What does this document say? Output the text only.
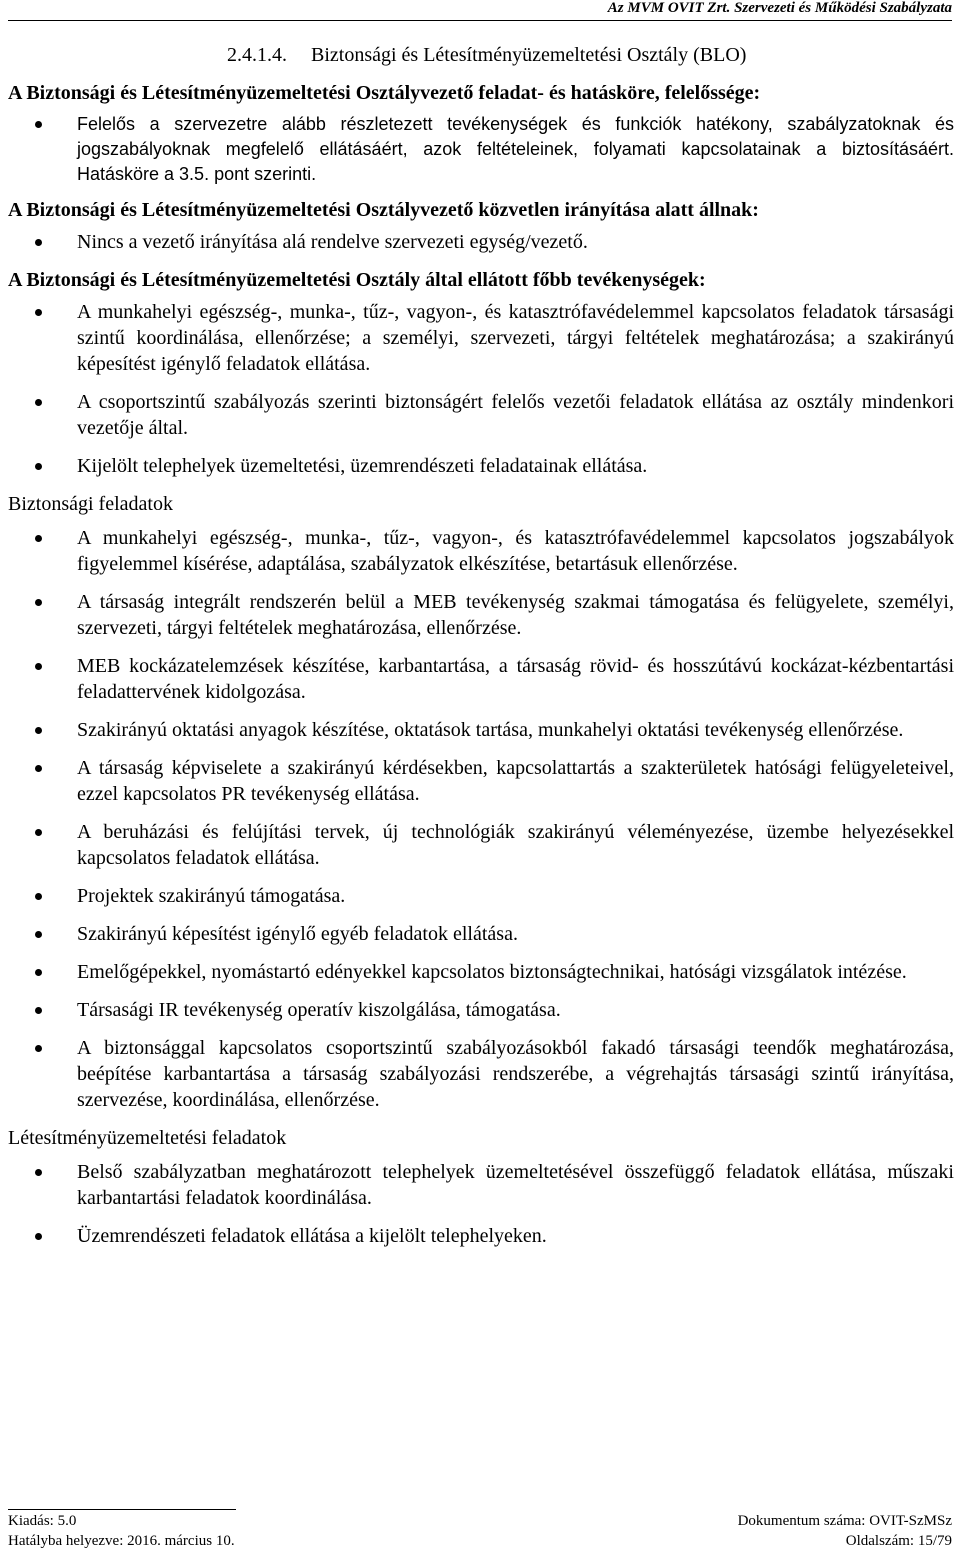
Az MVM OVIT Zrt. Szervezeti és Működési Szabályzata
2.4.1.4. Biztonsági és Létesítményüzemeltetési Osztály (BLO)
A Biztonsági és Létesítményüzemeltetési Osztályvezető feladat- és hatásköre, felelőssége:
Felelős a szervezetre alább részletezett tevékenységek és funkciók hatékony, szabályzatoknak és jogszabályoknak megfelelő ellátásáért, azok feltételeinek, folyamati kapcsolatainak a biztosításáért. Hatásköre a 3.5. pont szerinti.
A Biztonsági és Létesítményüzemeltetési Osztályvezető közvetlen irányítása alatt állnak:
Nincs a vezető irányítása alá rendelve szervezeti egység/vezető.
A Biztonsági és Létesítményüzemeltetési Osztály által ellátott főbb tevékenységek:
A munkahelyi egészség-, munka-, tűz-, vagyon-, és katasztrófavédelemmel kapcsolatos feladatok társasági szintű koordinálása, ellenőrzése; a személyi, szervezeti, tárgyi feltételek meghatározása; a szakirányú képesítést igénylő feladatok ellátása.
A csoportszintű szabályozás szerinti biztonságért felelős vezetői feladatok ellátása az osztály mindenkori vezetője által.
Kijelölt telephelyek üzemeltetési, üzemrendészeti feladatainak ellátása.
Biztonsági feladatok
A munkahelyi egészség-, munka-, tűz-, vagyon-, és katasztrófavédelemmel kapcsolatos jogszabályok figyelemmel kísérése, adaptálása, szabályzatok elkészítése, betartásuk ellenőrzése.
A társaság integrált rendszerén belül a MEB tevékenység szakmai támogatása és felügyelete, személyi, szervezeti, tárgyi feltételek meghatározása, ellenőrzése.
MEB kockázatelemzések készítése, karbantartása, a társaság rövid- és hosszútávú kockázat-kézbentartási feladattervének kidolgozása.
Szakirányú oktatási anyagok készítése, oktatások tartása, munkahelyi oktatási tevékenység ellenőrzése.
A társaság képviselete a szakirányú kérdésekben, kapcsolattartás a szakterületek hatósági felügyeleteivel, ezzel kapcsolatos PR tevékenység ellátása.
A beruházási és felújítási tervek, új technológiák szakirányú véleményezése, üzembe helyezésekkel kapcsolatos feladatok ellátása.
Projektek szakirányú támogatása.
Szakirányú képesítést igénylő egyéb feladatok ellátása.
Emelőgépekkel, nyomástartó edényekkel kapcsolatos biztonságtechnikai, hatósági vizsgálatok intézése.
Társasági IR tevékenység operatív kiszolgálása, támogatása.
A biztonsággal kapcsolatos csoportszintű szabályozásokból fakadó társasági teendők meghatározása, beépítése karbantartása a társaság szabályozási rendszerébe, a végrehajtás társasági szintű irányítása, szervezése, koordinálása, ellenőrzése.
Létesítményüzemeltetési feladatok
Belső szabályzatban meghatározott telephelyek üzemeltetésével összefüggő feladatok ellátása, műszaki karbantartási feladatok koordinálása.
Üzemrendészeti feladatok ellátása a kijelölt telephelyeken.
Kiadás: 5.0
Hatályba helyezve: 2016. március 10.
Dokumentum száma: OVIT-SzMSz
Oldalszám: 15/79
